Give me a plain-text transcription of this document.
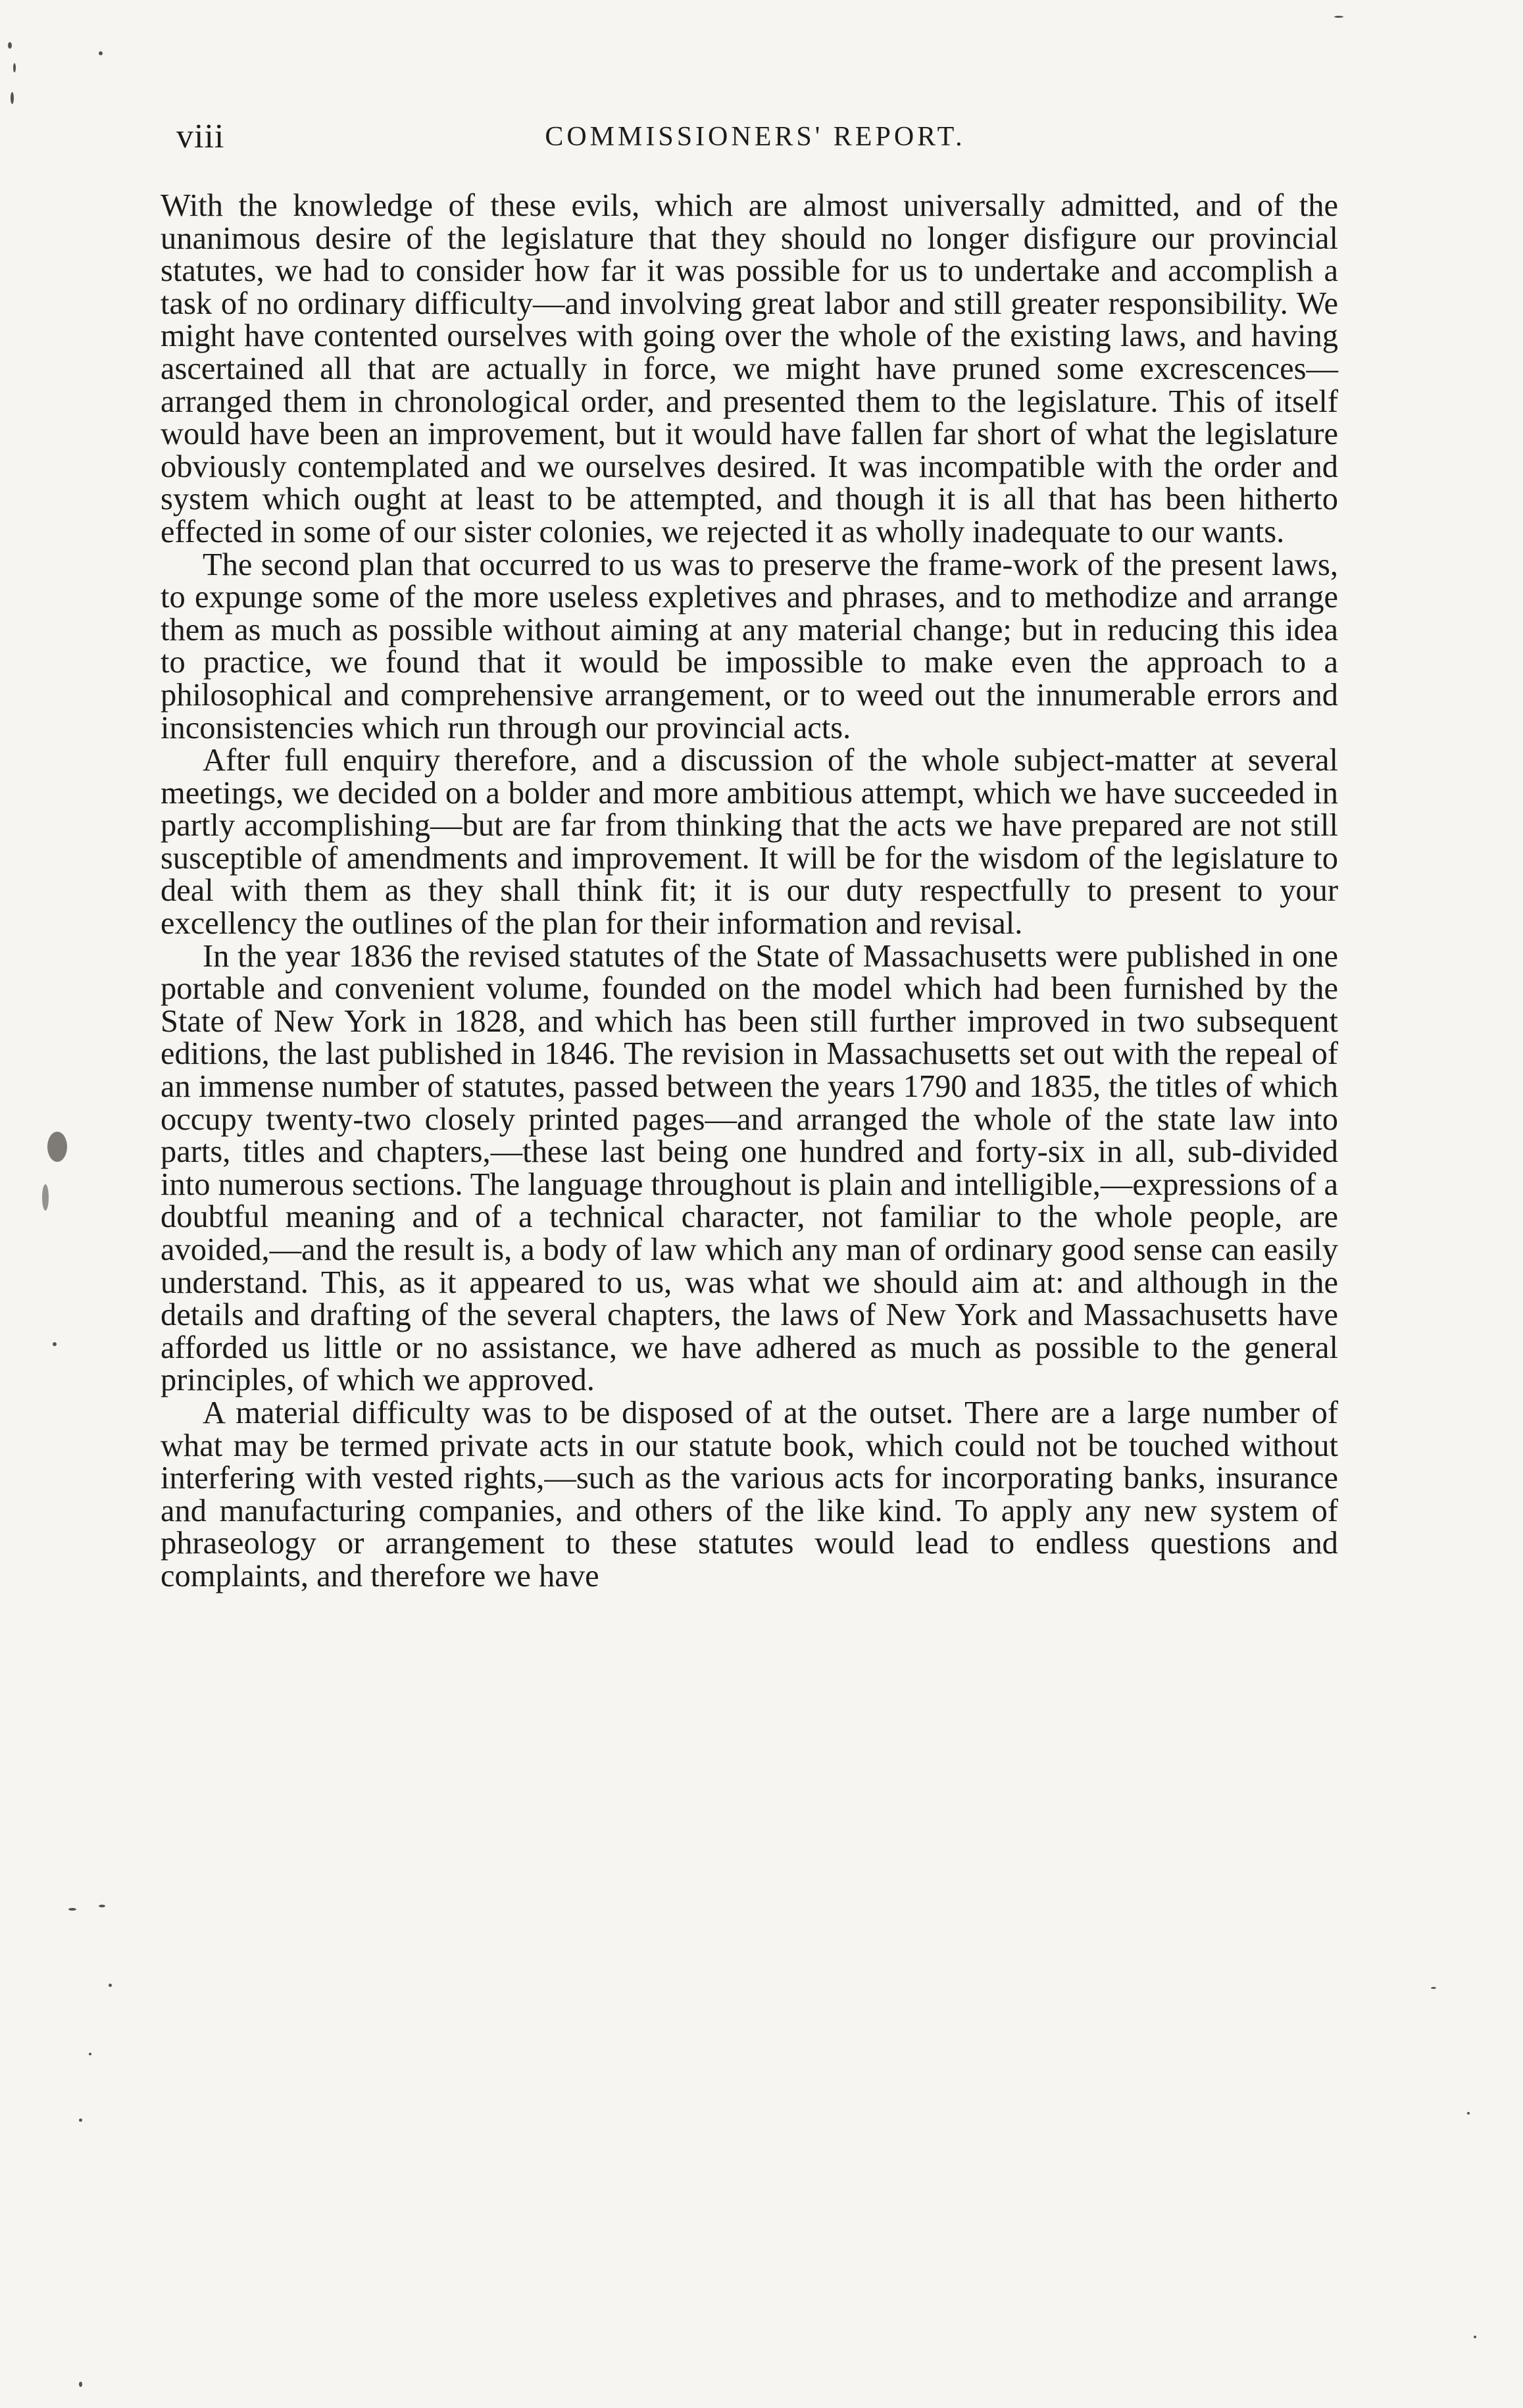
viii	COMMISSIONERS' REPORT.

With the knowledge of these evils, which are almost universally admitted, and of the unanimous desire of the legislature that they should no longer disfigure our provincial statutes, we had to consider how far it was possible for us to undertake and accomplish a task of no ordinary difficulty—and involving great labor and still greater responsibility. We might have contented ourselves with going over the whole of the existing laws, and having ascertained all that are actually in force, we might have pruned some excrescences—arranged them in chronological order, and presented them to the legislature. This of itself would have been an improvement, but it would have fallen far short of what the legislature obviously contemplated and we ourselves desired. It was incompatible with the order and system which ought at least to be attempted, and though it is all that has been hitherto effected in some of our sister colonies, we rejected it as wholly inadequate to our wants.

The second plan that occurred to us was to preserve the frame-work of the present laws, to expunge some of the more useless expletives and phrases, and to methodize and arrange them as much as possible without aiming at any material change; but in reducing this idea to practice, we found that it would be impossible to make even the approach to a philosophical and comprehensive arrangement, or to weed out the innumerable errors and inconsistencies which run through our provincial acts.

After full enquiry therefore, and a discussion of the whole subject-matter at several meetings, we decided on a bolder and more ambitious attempt, which we have succeeded in partly accomplishing—but are far from thinking that the acts we have prepared are not still susceptible of amendments and improvement. It will be for the wisdom of the legislature to deal with them as they shall think fit; it is our duty respectfully to present to your excellency the outlines of the plan for their information and revisal.

In the year 1836 the revised statutes of the State of Massachusetts were published in one portable and convenient volume, founded on the model which had been furnished by the State of New York in 1828, and which has been still further improved in two subsequent editions, the last published in 1846. The revision in Massachusetts set out with the repeal of an immense number of statutes, passed between the years 1790 and 1835, the titles of which occupy twenty-two closely printed pages—and arranged the whole of the state law into parts, titles and chapters,—these last being one hundred and forty-six in all, sub-divided into numerous sections. The language throughout is plain and intelligible,—expressions of a doubtful meaning and of a technical character, not familiar to the whole people, are avoided,—and the result is, a body of law which any man of ordinary good sense can easily understand. This, as it appeared to us, was what we should aim at: and although in the details and drafting of the several chapters, the laws of New York and Massachusetts have afforded us little or no assistance, we have adhered as much as possible to the general principles, of which we approved.

A material difficulty was to be disposed of at the outset. There are a large number of what may be termed private acts in our statute book, which could not be touched without interfering with vested rights,—such as the various acts for incorporating banks, insurance and manufacturing companies, and others of the like kind. To apply any new system of phraseology or arrangement to these statutes would lead to endless questions and complaints, and therefore we have
